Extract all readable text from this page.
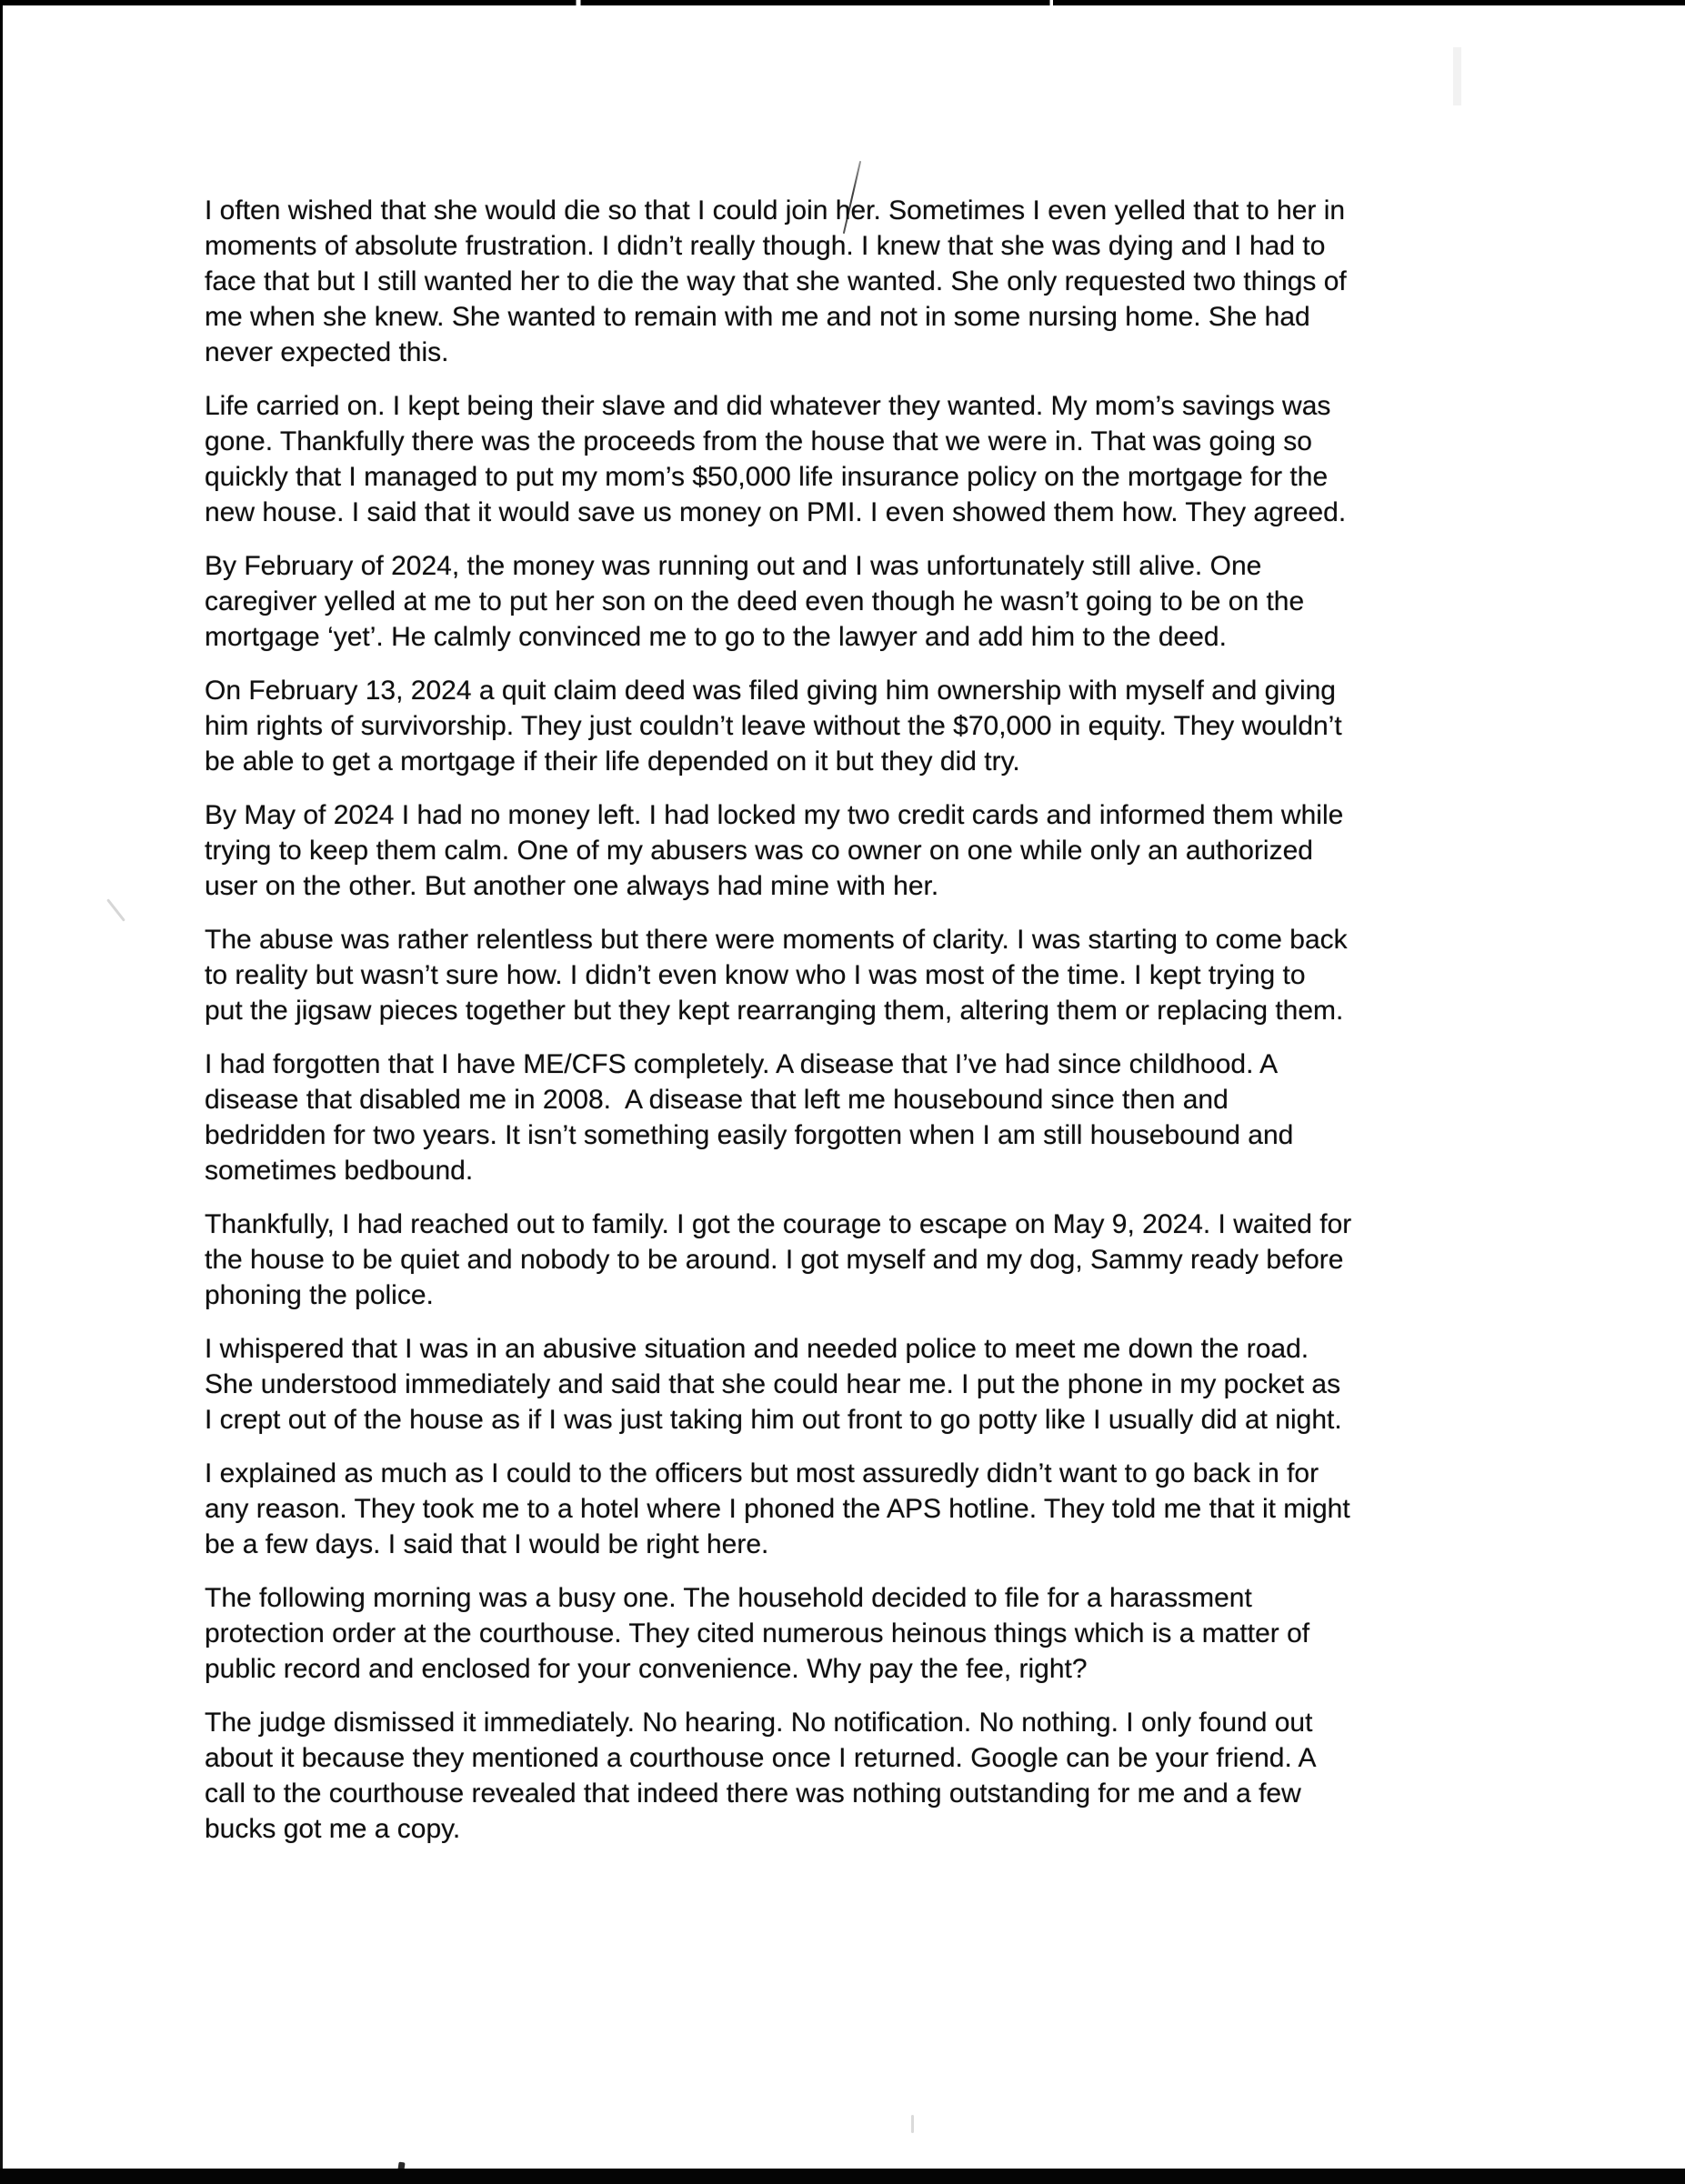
I often wished that she would die so that I could join her. Sometimes I even yelled that to her in
moments of absolute frustration. I didn’t really though. I knew that she was dying and I had to
face that but I still wanted her to die the way that she wanted. She only requested two things of
me when she knew. She wanted to remain with me and not in some nursing home. She had
never expected this.

Life carried on. I kept being their slave and did whatever they wanted. My mom’s savings was
gone. Thankfully there was the proceeds from the house that we were in. That was going so
quickly that I managed to put my mom’s $50,000 life insurance policy on the mortgage for the
new house. I said that it would save us money on PMI. I even showed them how. They agreed.

By February of 2024, the money was running out and I was unfortunately still alive. One
caregiver yelled at me to put her son on the deed even though he wasn’t going to be on the
mortgage ‘yet’. He calmly convinced me to go to the lawyer and add him to the deed.

On February 13, 2024 a quit claim deed was filed giving him ownership with myself and giving
him rights of survivorship. They just couldn’t leave without the $70,000 in equity. They wouldn’t
be able to get a mortgage if their life depended on it but they did try.

By May of 2024 I had no money left. I had locked my two credit cards and informed them while
trying to keep them calm. One of my abusers was co owner on one while only an authorized
user on the other. But another one always had mine with her.

The abuse was rather relentless but there were moments of clarity. I was starting to come back
to reality but wasn’t sure how. I didn’t even know who I was most of the time. I kept trying to
put the jigsaw pieces together but they kept rearranging them, altering them or replacing them.

I had forgotten that I have ME/CFS completely. A disease that I’ve had since childhood. A
disease that disabled me in 2008.  A disease that left me housebound since then and
bedridden for two years. It isn’t something easily forgotten when I am still housebound and
sometimes bedbound.

Thankfully, I had reached out to family. I got the courage to escape on May 9, 2024. I waited for
the house to be quiet and nobody to be around. I got myself and my dog, Sammy ready before
phoning the police.

I whispered that I was in an abusive situation and needed police to meet me down the road.
She understood immediately and said that she could hear me. I put the phone in my pocket as
I crept out of the house as if I was just taking him out front to go potty like I usually did at night.

I explained as much as I could to the officers but most assuredly didn’t want to go back in for
any reason. They took me to a hotel where I phoned the APS hotline. They told me that it might
be a few days. I said that I would be right here.

The following morning was a busy one. The household decided to file for a harassment
protection order at the courthouse. They cited numerous heinous things which is a matter of
public record and enclosed for your convenience. Why pay the fee, right?

The judge dismissed it immediately. No hearing. No notification. No nothing. I only found out
about it because they mentioned a courthouse once I returned. Google can be your friend. A
call to the courthouse revealed that indeed there was nothing outstanding for me and a few
bucks got me a copy.
